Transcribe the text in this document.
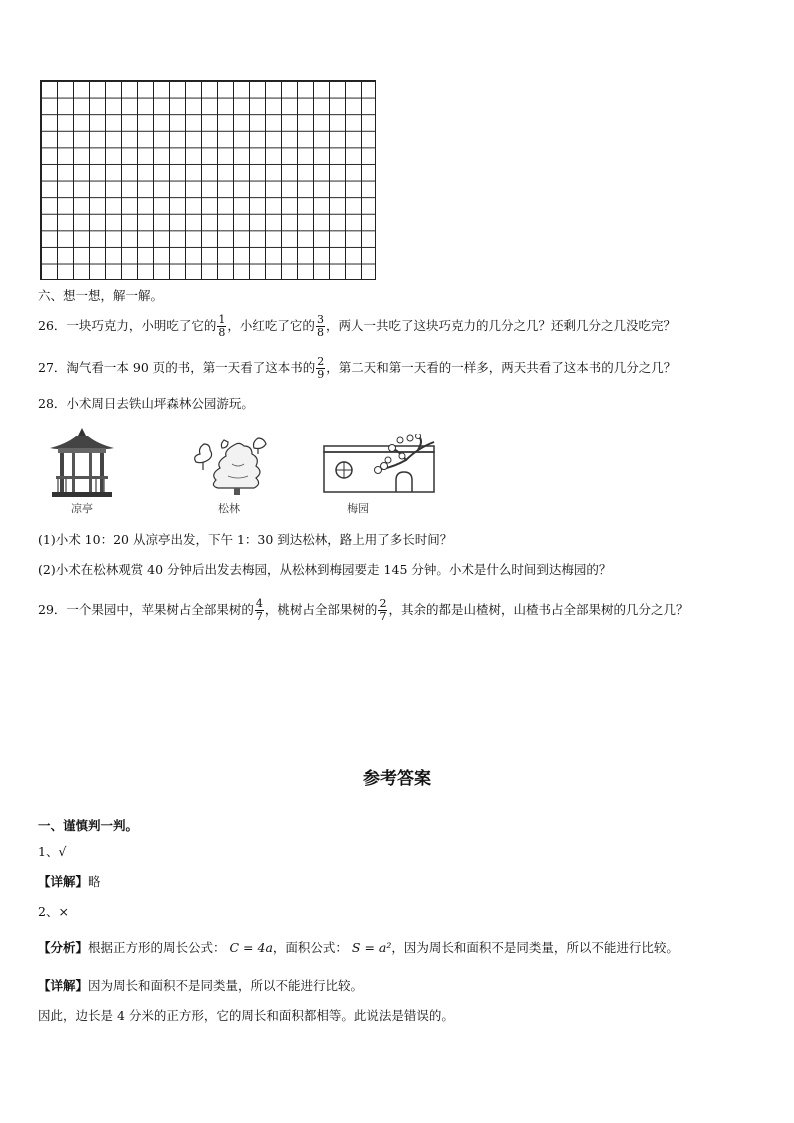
六、想一想，解一解。
26．一块巧克力，小明吃了它的 $\frac{1}{8}$ ，小红吃了它的 $\frac{3}{8}$ ，两人一共吃了这块巧克力的几分之几？还剩几分之几没吃完？
27．淘气看一本 90 页的书，第一天看了这本书的 $\frac{2}{9}$ ，第二天和第一天看的一样多，两天共看了这本书的几分之几？
28．小术周日去铁山坪森林公园游玩。
凉亭	松林	梅园
(1)小术 10：20 从凉亭出发，下午 1：30 到达松林，路上用了多长时间？
(2)小术在松林观赏 40 分钟后出发去梅园，从松林到梅园要走 145 分钟。小术是什么时间到达梅园的？
29．一个果园中，苹果树占全部果树的 $\frac{4}{7}$ ，桃树占全部果树的 $\frac{2}{7}$ ，其余的都是山楂树，山楂书占全部果树的几分之几？
参考答案
一、谨慎判一判。
1、√
【详解】略
2、×
【分析】根据正方形的周长公式： C = 4a，面积公式： S = a²，因为周长和面积不是同类量，所以不能进行比较。
【详解】因为周长和面积不是同类量，所以不能进行比较。
因此，边长是 4 分米的正方形，它的周长和面积都相等。此说法是错误的。
